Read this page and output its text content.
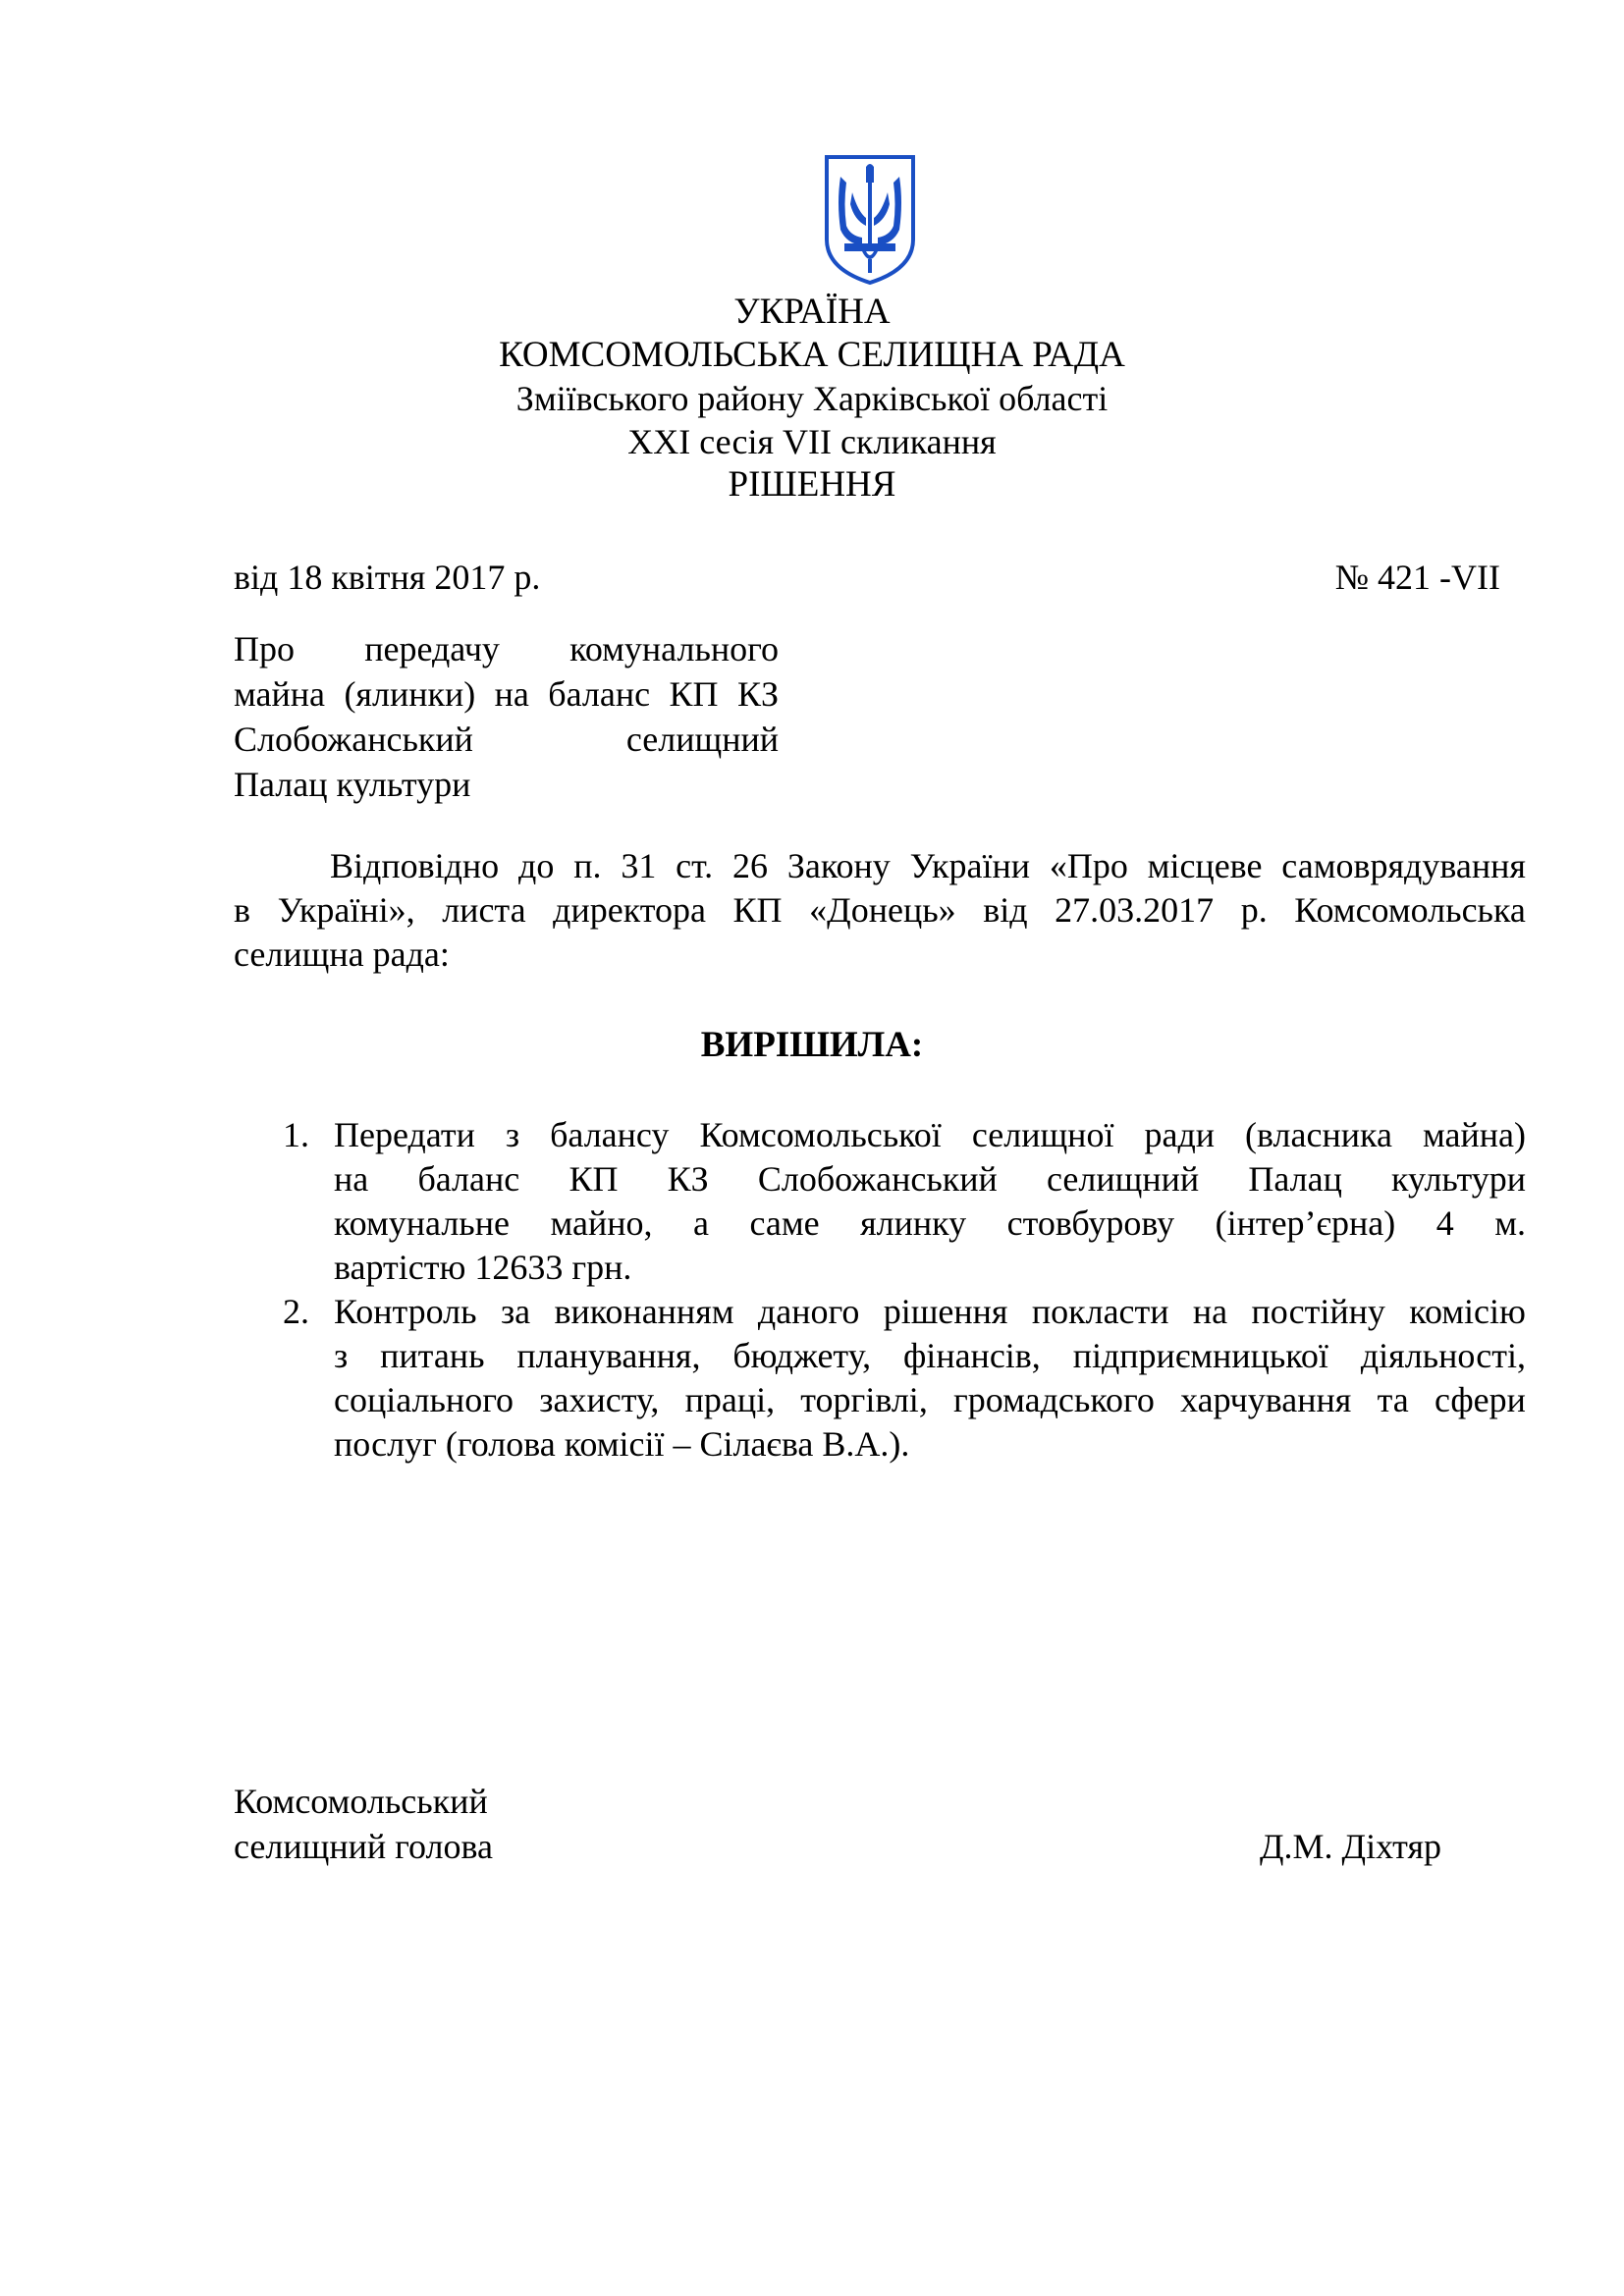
УКРАЇНА
КОМСОМОЛЬСЬКА СЕЛИЩНА РАДА
Зміївського району Харківської області
XXI сесія VII скликання
РІШЕННЯ
від 18 квітня 2017 р.	№ 421 -VII
Про передачу комунального
майна (ялинки) на баланс КП КЗ
Слобожанський	селищний
Палац культури
Відповідно до п. 31 ст. 26 Закону України «Про місцеве самоврядування
в Україні», листа директора КП «Донець» від 27.03.2017 р. Комсомольська
селищна рада:
ВИРІШИЛА:
1. Передати з балансу Комсомольської селищної ради (власника майна)
на баланс КП КЗ Слобожанський селищний Палац культури
комунальне майно, а саме ялинку стовбурову (інтер’єрна) 4 м.
вартістю 12633 грн.
2. Контроль за виконанням даного рішення покласти на постійну комісію
з питань планування, бюджету, фінансів, підприємницької діяльності,
соціального захисту, праці, торгівлі, громадського харчування та сфери
послуг (голова комісії – Сілаєва В.А.).
Комсомольський
селищний голова	Д.М. Діхтяр
